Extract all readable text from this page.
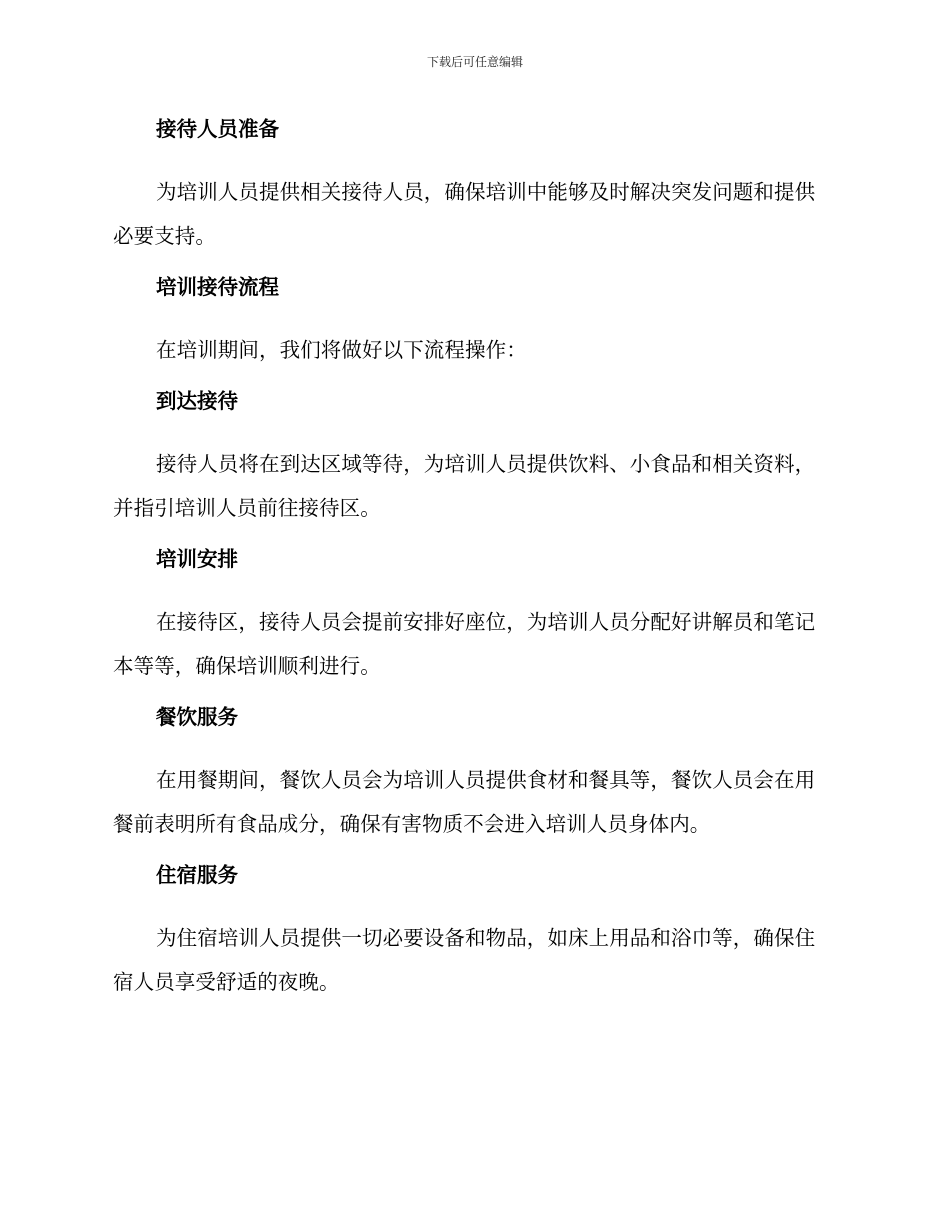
下载后可任意编辑
接待人员准备

为培训人员提供相关接待人员，确保培训中能够及时解决突发问题和提供必要支持。

培训接待流程

在培训期间，我们将做好以下流程操作：

到达接待

接待人员将在到达区域等待，为培训人员提供饮料、小食品和相关资料，并指引培训人员前往接待区。

培训安排

在接待区，接待人员会提前安排好座位，为培训人员分配好讲解员和笔记本等等，确保培训顺利进行。

餐饮服务

在用餐期间，餐饮人员会为培训人员提供食材和餐具等，餐饮人员会在用餐前表明所有食品成分，确保有害物质不会进入培训人员身体内。

住宿服务

为住宿培训人员提供一切必要设备和物品，如床上用品和浴巾等，确保住宿人员享受舒适的夜晚。
